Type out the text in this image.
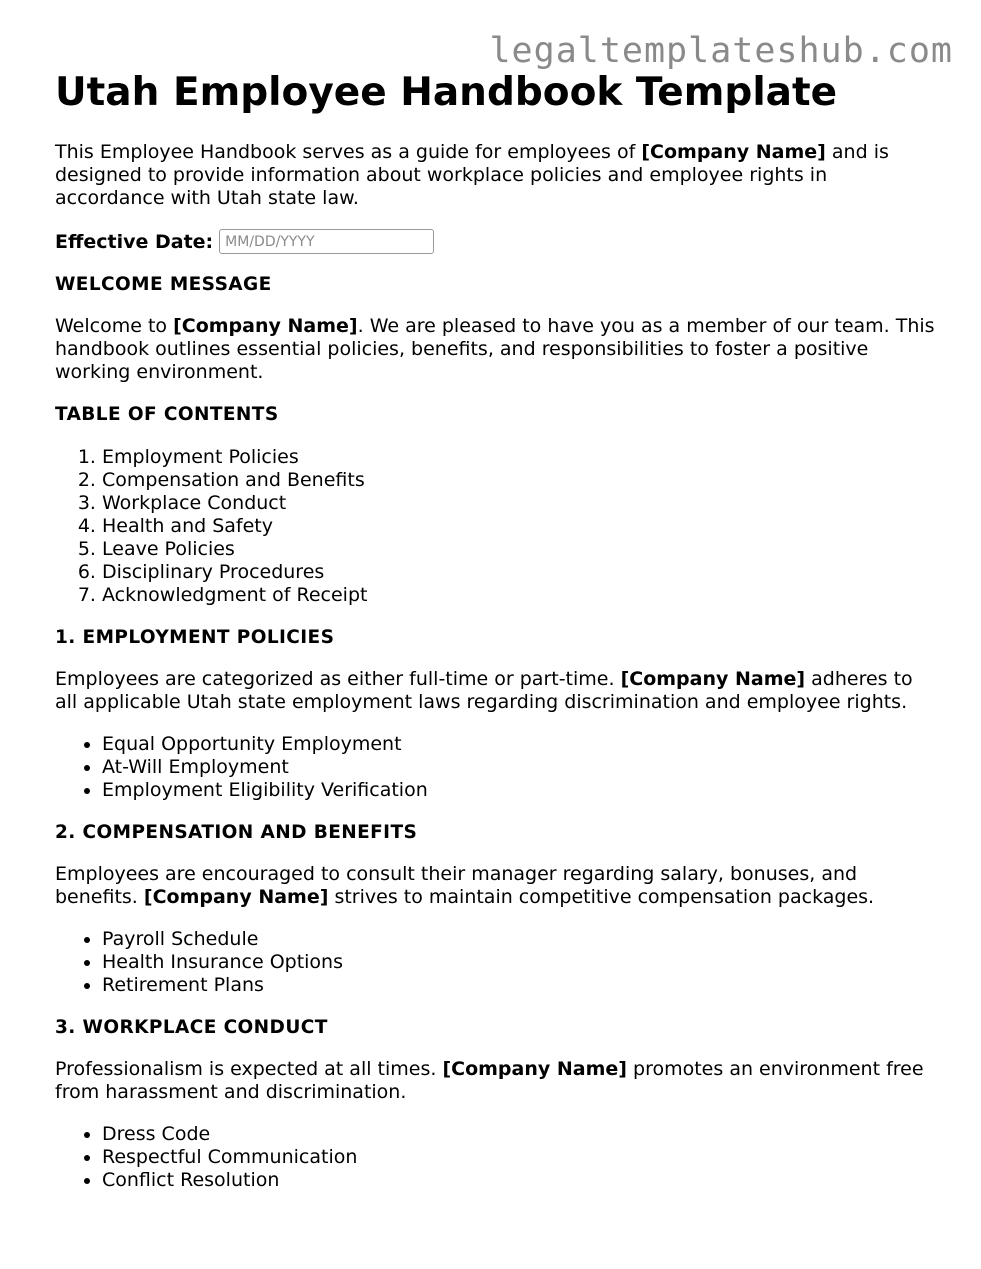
legaltemplateshub.com
Utah Employee Handbook Template

This Employee Handbook serves as a guide for employees of [Company Name] and is designed to provide information about workplace policies and employee rights in accordance with Utah state law.

Effective Date:
MM/DD/YYYY
WELCOME MESSAGE

Welcome to [Company Name]. We are pleased to have you as a member of our team. This handbook outlines essential policies, benefits, and responsibilities to foster a positive working environment.

TABLE OF CONTENTS
1. Employment Policies
2. Compensation and Benefits
3. Workplace Conduct
4. Health and Safety
5. Leave Policies
6. Disciplinary Procedures
7. Acknowledgment of Receipt
1. EMPLOYMENT POLICIES

Employees are categorized as either full-time or part-time. [Company Name] adheres to all applicable Utah state employment laws regarding discrimination and employee rights.

• Equal Opportunity Employment
• At-Will Employment
• Employment Eligibility Verification
2. COMPENSATION AND BENEFITS

Employees are encouraged to consult their manager regarding salary, bonuses, and benefits. [Company Name] strives to maintain competitive compensation packages.

• Payroll Schedule
• Health Insurance Options
• Retirement Plans
3. WORKPLACE CONDUCT

Professionalism is expected at all times. [Company Name] promotes an environment free from harassment and discrimination.

• Dress Code
• Respectful Communication
• Conflict Resolution
